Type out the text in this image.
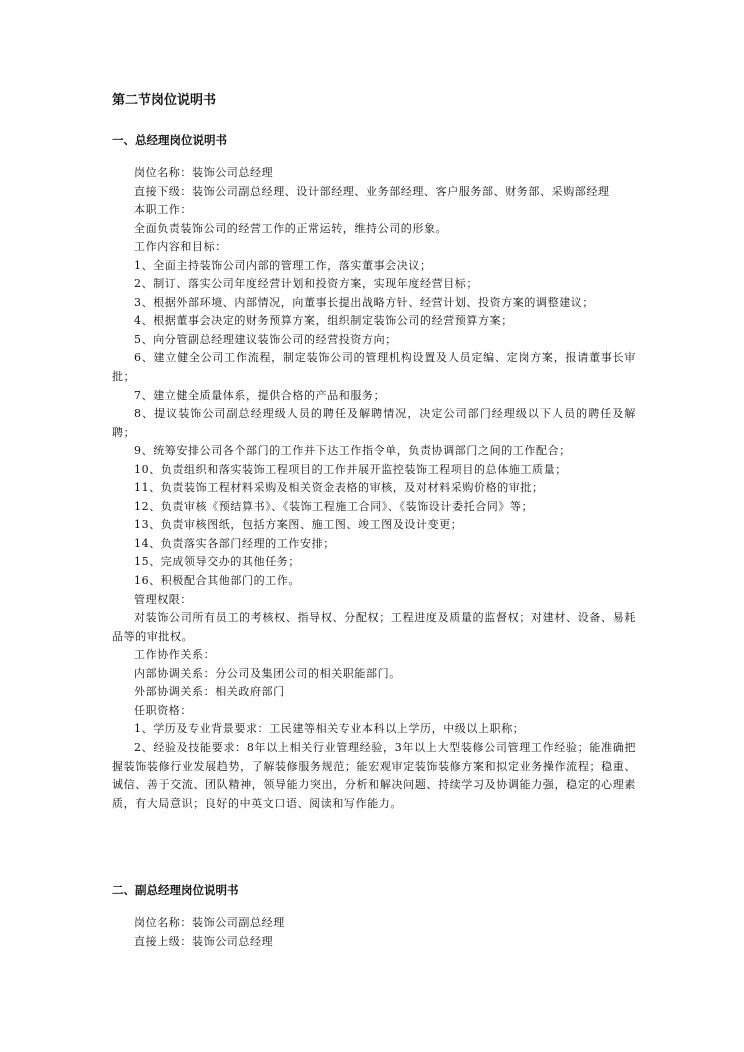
第二节岗位说明书
一、总经理岗位说明书

岗位名称：装饰公司总经理

直接下级：装饰公司副总经理、设计部经理、业务部经理、客户服务部、财务部、采购部经理

本职工作：

全面负责装饰公司的经营工作的正常运转，维持公司的形象。

工作内容和目标：

1、全面主持装饰公司内部的管理工作，落实董事会决议；

2、制订、落实公司年度经营计划和投资方案，实现年度经营目标；

3、根据外部环境、内部情况，向董事长提出战略方针、经营计划、投资方案的调整建议；

4、根据董事会决定的财务预算方案，组织制定装饰公司的经营预算方案；

5、向分管副总经理建议装饰公司的经营投资方向；

6、建立健全公司工作流程，制定装饰公司的管理机构设置及人员定编、定岗方案，报请董事长审批；

7、建立健全质量体系，提供合格的产品和服务；

8、提议装饰公司副总经理级人员的聘任及解聘情况，决定公司部门经理级以下人员的聘任及解聘；

9、统筹安排公司各个部门的工作并下达工作指令单，负责协调部门之间的工作配合；

10、负责组织和落实装饰工程项目的工作并展开监控装饰工程项目的总体施工质量；

11、负责装饰工程材料采购及相关资金表格的审核，及对材料采购价格的审批；

12、负责审核《预结算书》、《装饰工程施工合同》、《装饰设计委托合同》等；

13、负责审核图纸，包括方案图、施工图、竣工图及设计变更；

14、负责落实各部门经理的工作安排；

15、完成领导交办的其他任务；

16、积极配合其他部门的工作。

管理权限：

对装饰公司所有员工的考核权、指导权、分配权；工程进度及质量的监督权；对建材、设备、易耗品等的审批权。

工作协作关系：

内部协调关系：分公司及集团公司的相关职能部门。

外部协调关系：相关政府部门

任职资格：

1、学历及专业背景要求：工民建等相关专业本科以上学历，中级以上职称；

2、经验及技能要求：8年以上相关行业管理经验，3年以上大型装修公司管理工作经验；能准确把握装饰装修行业发展趋势，了解装修服务规范；能宏观审定装饰装修方案和拟定业务操作流程；稳重、诚信、善于交流、团队精神，领导能力突出，分析和解决问题、持续学习及协调能力强，稳定的心理素质，有大局意识；良好的中英文口语、阅读和写作能力。

二、副总经理岗位说明书

岗位名称：装饰公司副总经理

直接上级：装饰公司总经理
